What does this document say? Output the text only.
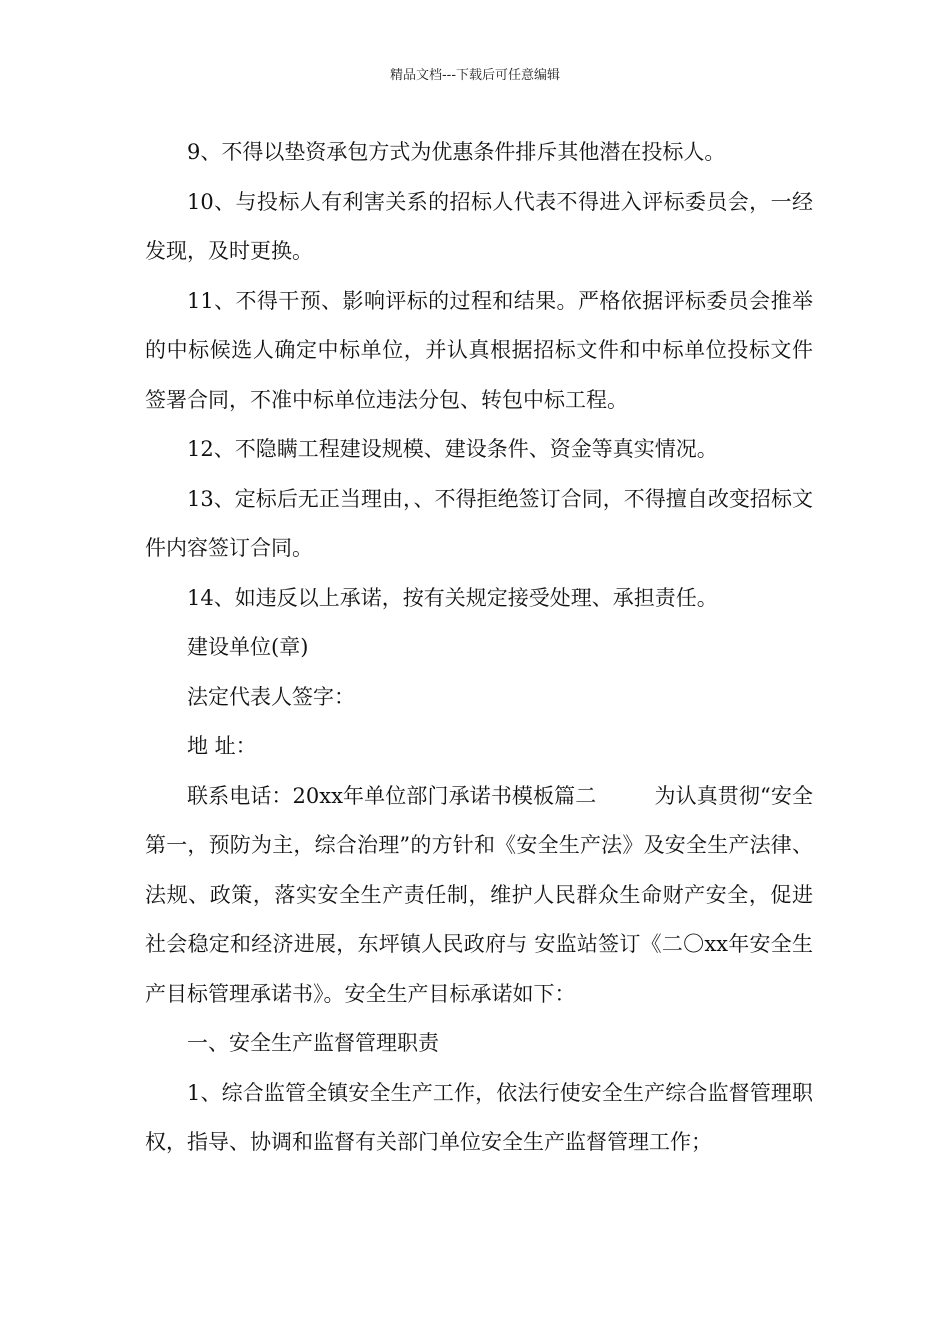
精品文档---下载后可任意编辑

9、不得以垫资承包方式为优惠条件排斥其他潜在投标人。

10、与投标人有利害关系的招标人代表不得进入评标委员会，一经发现，及时更换。

11、不得干预、影响评标的过程和结果。严格依据评标委员会推举的中标候选人确定中标单位，并认真根据招标文件和中标单位投标文件签署合同，不准中标单位违法分包、转包中标工程。

12、不隐瞒工程建设规模、建设条件、资金等真实情况。

13、定标后无正当理由，、不得拒绝签订合同，不得擅自改变招标文件内容签订合同。

14、如违反以上承诺，按有关规定接受处理、承担责任。

建设单位(章)

法定代表人签字：

地 址：

联系电话：20xx年单位部门承诺书模板篇二	为认真贯彻“安全第一，预防为主，综合治理”的方针和《安全生产法》及安全生产法律、法规、政策，落实安全生产责任制，维护人民群众生命财产安全，促进社会稳定和经济进展，东坪镇人民政府与 安监站签订《二〇xx年安全生产目标管理承诺书》。安全生产目标承诺如下：

一、安全生产监督管理职责

1、综合监管全镇安全生产工作，依法行使安全生产综合监督管理职权，指导、协调和监督有关部门单位安全生产监督管理工作；
